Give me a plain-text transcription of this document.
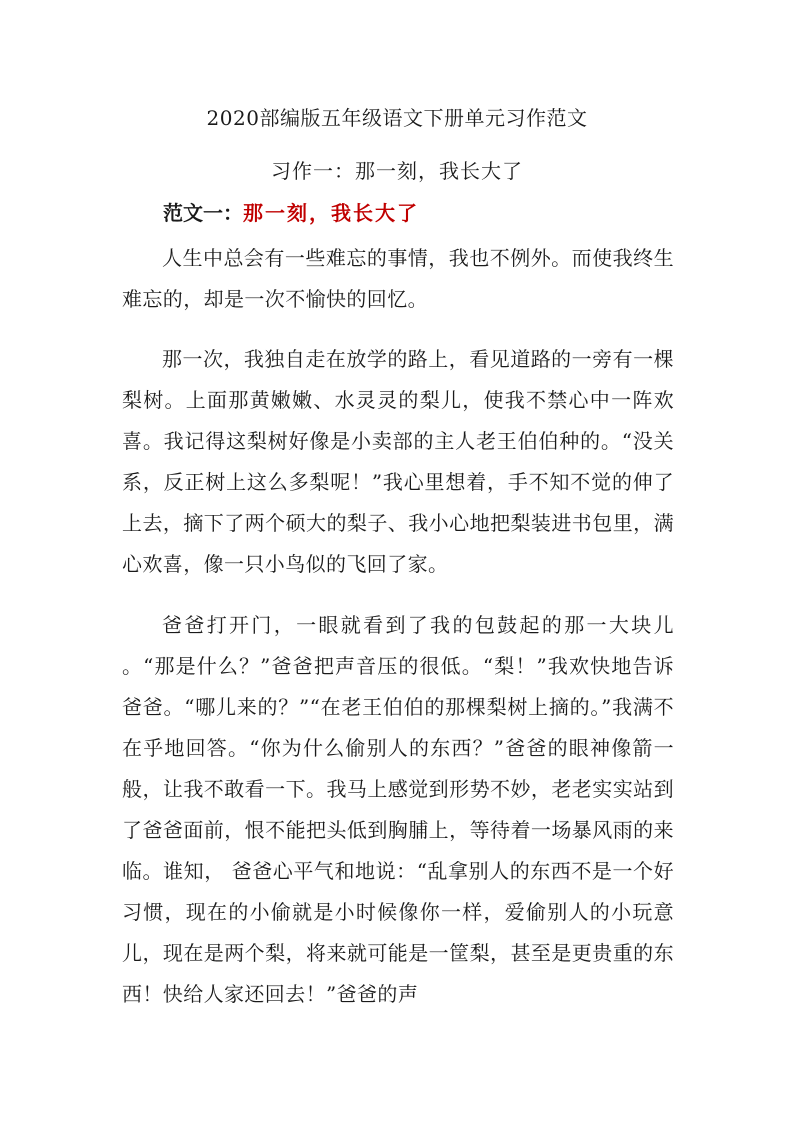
2020部编版五年级语文下册单元习作范文
习作一：那一刻，我长大了
范文一：那一刻，我长大了

人生中总会有一些难忘的事情，我也不例外。而使我终生难忘的，却是一次不愉快的回忆。

那一次，我独自走在放学的路上，看见道路的一旁有一棵梨树。上面那黄嫩嫩、水灵灵的梨儿，使我不禁心中一阵欢喜。我记得这梨树好像是小卖部的主人老王伯伯种的。“没关系，反正树上这么多梨呢！”我心里想着，手不知不觉的伸了上去，摘下了两个硕大的梨子、我小心地把梨装进书包里，满心欢喜，像一只小鸟似的飞回了家。

爸爸打开门，一眼就看到了我的包鼓起的那一大块儿 。“那是什么？”爸爸把声音压的很低。“梨！”我欢快地告诉爸爸。“哪儿来的？”“在老王伯伯的那棵梨树上摘的。”我满不在乎地回答。“你为什么偷别人的东西？”爸爸的眼神像箭一般，让我不敢看一下。我马上感觉到形势不妙，老老实实站到了爸爸面前，恨不能把头低到胸脯上，等待着一场暴风雨的来临。谁知， 爸爸心平气和地说：“乱拿别人的东西不是一个好习惯，现在的小偷就是小时候像你一样，爱偷别人的小玩意儿，现在是两个梨，将来就可能是一筐梨，甚至是更贵重的东西！快给人家还回去！”爸爸的声
